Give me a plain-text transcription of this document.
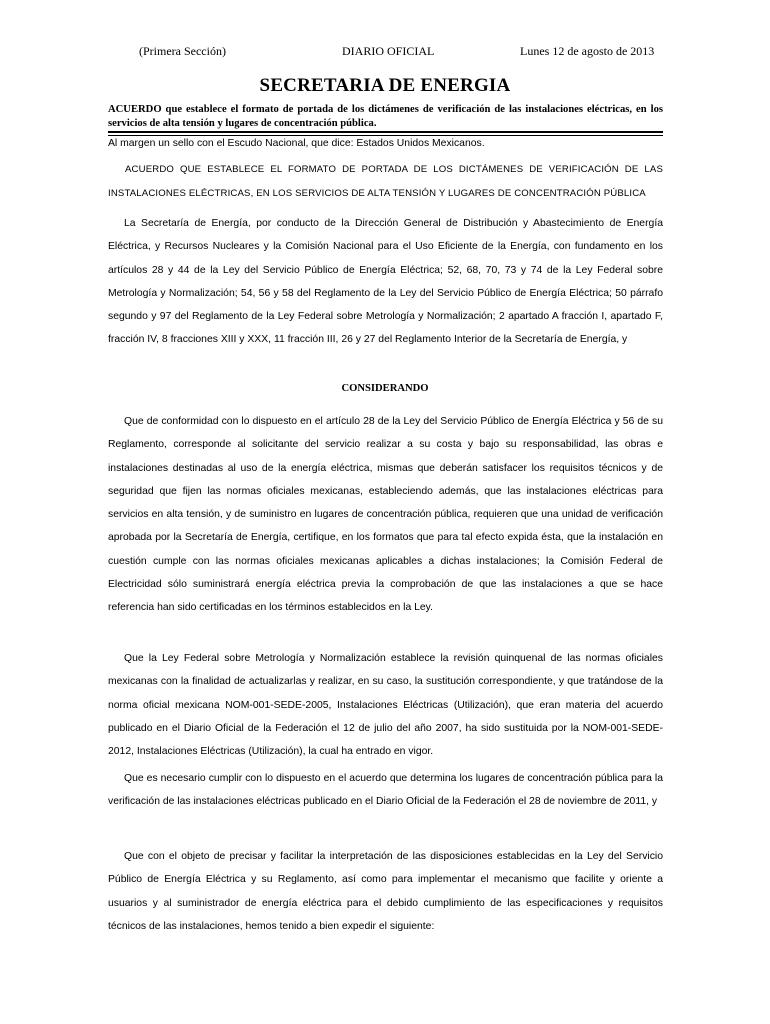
(Primera Sección)	DIARIO OFICIAL	Lunes 12 de agosto de 2013
SECRETARIA DE ENERGIA
ACUERDO que establece el formato de portada de los dictámenes de verificación de las instalaciones eléctricas, en los servicios de alta tensión y lugares de concentración pública.
Al margen un sello con el Escudo Nacional, que dice: Estados Unidos Mexicanos.
ACUERDO QUE ESTABLECE EL FORMATO DE PORTADA DE LOS DICTÁMENES DE VERIFICACIÓN DE LAS INSTALACIONES ELÉCTRICAS, EN LOS SERVICIOS DE ALTA TENSIÓN Y LUGARES DE CONCENTRACIÓN PÚBLICA
La Secretaría de Energía, por conducto de la Dirección General de Distribución y Abastecimiento de Energía Eléctrica, y Recursos Nucleares y la Comisión Nacional para el Uso Eficiente de la Energía, con fundamento en los artículos 28 y 44 de la Ley del Servicio Público de Energía Eléctrica; 52, 68, 70, 73 y 74 de la Ley Federal sobre Metrología y Normalización; 54, 56 y 58 del Reglamento de la Ley del Servicio Público de Energía Eléctrica; 50 párrafo segundo y 97 del Reglamento de la Ley Federal sobre Metrología y Normalización; 2 apartado A fracción I, apartado F, fracción IV, 8 fracciones XIII y XXX, 11 fracción III, 26 y 27 del Reglamento Interior de la Secretaría de Energía, y
CONSIDERANDO
Que de conformidad con lo dispuesto en el artículo 28 de la Ley del Servicio Público de Energía Eléctrica y 56 de su Reglamento, corresponde al solicitante del servicio realizar a su costa y bajo su responsabilidad, las obras e instalaciones destinadas al uso de la energía eléctrica, mismas que deberán satisfacer los requisitos técnicos y de seguridad que fijen las normas oficiales mexicanas, estableciendo además, que las instalaciones eléctricas para servicios en alta tensión, y de suministro en lugares de concentración pública, requieren que una unidad de verificación aprobada por la Secretaría de Energía, certifique, en los formatos que para tal efecto expida ésta, que la instalación en cuestión cumple con las normas oficiales mexicanas aplicables a dichas instalaciones; la Comisión Federal de Electricidad sólo suministrará energía eléctrica previa la comprobación de que las instalaciones a que se hace referencia han sido certificadas en los términos establecidos en la Ley.
Que la Ley Federal sobre Metrología y Normalización establece la revisión quinquenal de las normas oficiales mexicanas con la finalidad de actualizarlas y realizar, en su caso, la sustitución correspondiente, y que tratándose de la norma oficial mexicana NOM-001-SEDE-2005, Instalaciones Eléctricas (Utilización), que eran materia del acuerdo publicado en el Diario Oficial de la Federación el 12 de julio del año 2007, ha sido sustituida por la NOM-001-SEDE-2012, Instalaciones Eléctricas (Utilización), la cual ha entrado en vigor.
Que es necesario cumplir con lo dispuesto en el acuerdo que determina los lugares de concentración pública para la verificación de las instalaciones eléctricas publicado en el Diario Oficial de la Federación el 28 de noviembre de 2011, y
Que con el objeto de precisar y facilitar la interpretación de las disposiciones establecidas en la Ley del Servicio Público de Energía Eléctrica y su Reglamento, así como para implementar el mecanismo que facilite y oriente a usuarios y al suministrador de energía eléctrica para el debido cumplimiento de las especificaciones y requisitos técnicos de las instalaciones, hemos tenido a bien expedir el siguiente:
